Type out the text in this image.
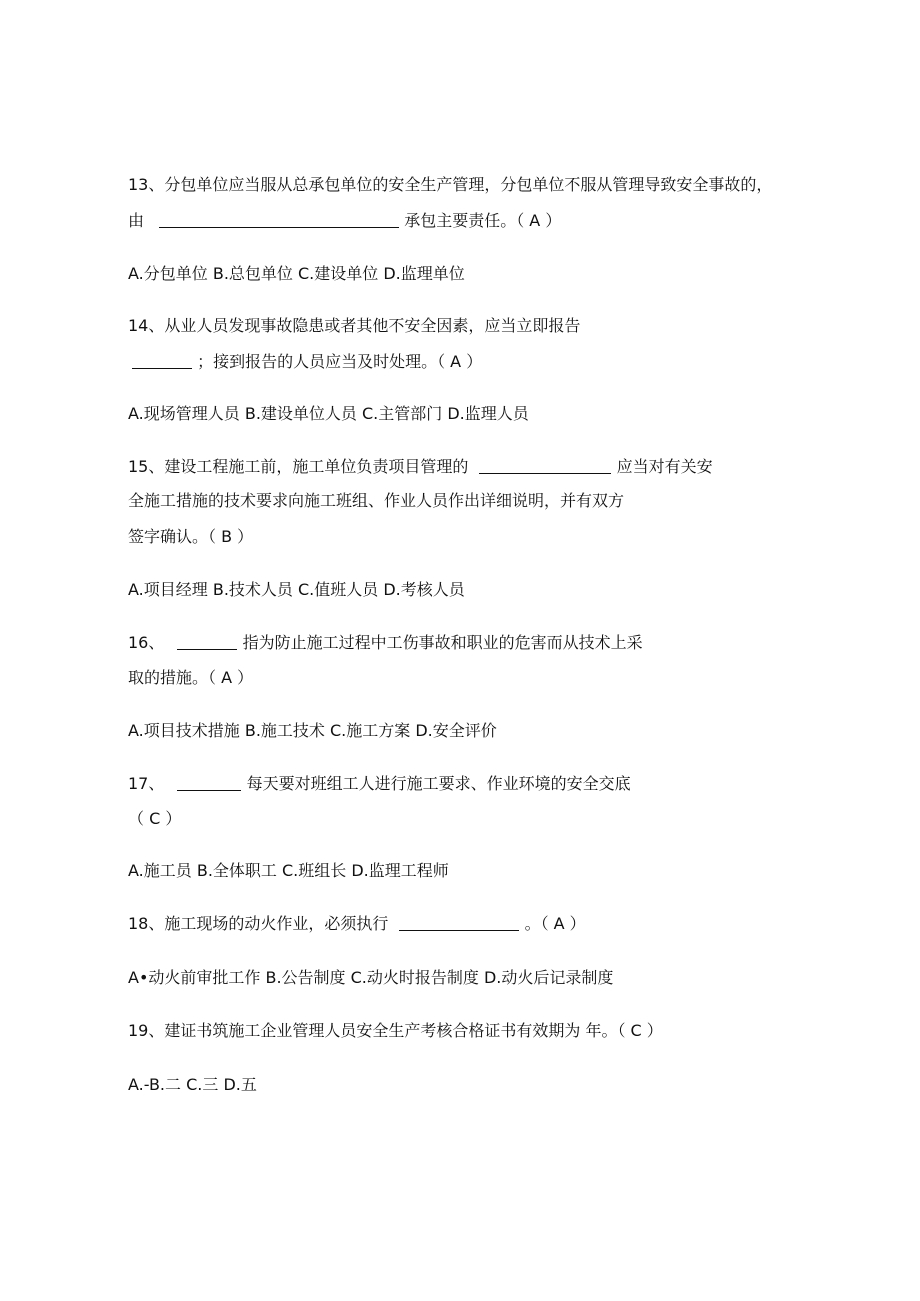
13、分包单位应当服从总承包单位的安全生产管理，分包单位不服从管理导致安全事故的，
由	承包主要责任。（ A ）
A.分包单位 B.总包单位 C.建设单位 D.监理单位
14、从业人员发现事故隐患或者其他不安全因素，应当立即报告
；接到报告的人员应当及时处理。（ A ）
A.现场管理人员 B.建设单位人员 C.主管部门 D.监理人员
15、建设工程施工前，施工单位负责项目管理的	应当对有关安
全施工措施的技术要求向施工班组、作业人员作出详细说明，并有双方
签字确认。（ B ）
A.项目经理 B.技术人员 C.值班人员 D.考核人员
16、	指为防止施工过程中工伤事故和职业的危害而从技术上采
取的措施。（ A ）
A.项目技术措施 B.施工技术 C.施工方案 D.安全评价
17、	每天要对班组工人进行施工要求、作业环境的安全交底
（ C ）
A.施工员 B.全体职工 C.班组长 D.监理工程师
18、施工现场的动火作业，必须执行	。（ A ）
A•动火前审批工作 B.公告制度 C.动火时报告制度 D.动火后记录制度
19、建证书筑施工企业管理人员安全生产考核合格证书有效期为 年。（ C ）
A.-B.二 C.三 D.五
